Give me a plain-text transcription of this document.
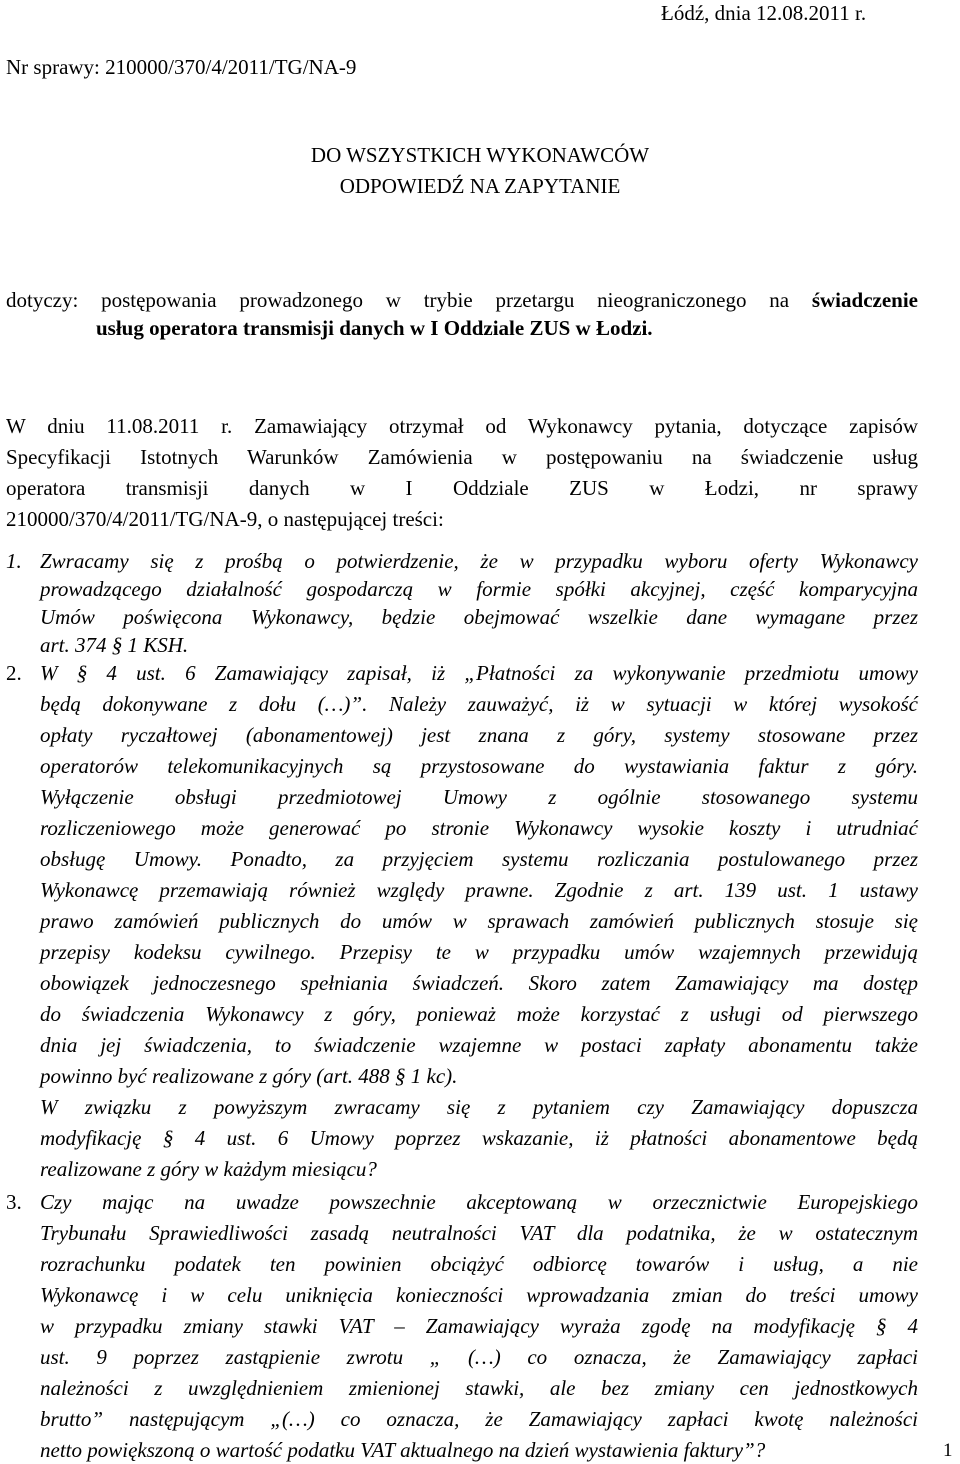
Łódź, dnia 12.08.2011 r.
Nr sprawy: 210000/370/4/2011/TG/NA-9
DO WSZYSTKICH WYKONAWCÓW
ODPOWIEDŹ NA ZAPYTANIE
dotyczy: postępowania prowadzonego w trybie przetargu nieograniczonego na świadczenie
usług operatora transmisji danych w I Oddziale ZUS w Łodzi.
W dniu 11.08.2011 r. Zamawiający otrzymał od Wykonawcy pytania, dotyczące zapisów
Specyfikacji Istotnych Warunków Zamówienia w postępowaniu na świadczenie usług
operatora transmisji danych w I Oddziale ZUS w Łodzi, nr sprawy
210000/370/4/2011/TG/NA-9, o następującej treści:
1. Zwracamy się z prośbą o potwierdzenie, że w przypadku wyboru oferty Wykonawcy
prowadzącego działalność gospodarczą w formie spółki akcyjnej, część komparycyjna
Umów poświęcona Wykonawcy, będzie obejmować wszelkie dane wymagane przez
art. 374 § 1 KSH.
2. W § 4 ust. 6 Zamawiający zapisał, iż „Płatności za wykonywanie przedmiotu umowy
będą dokonywane z dołu (…)”. Należy zauważyć, iż w sytuacji w której wysokość
opłaty ryczałtowej (abonamentowej) jest znana z góry, systemy stosowane przez
operatorów telekomunikacyjnych są przystosowane do wystawiania faktur z góry.
Wyłączenie obsługi przedmiotowej Umowy z ogólnie stosowanego systemu
rozliczeniowego może generować po stronie Wykonawcy wysokie koszty i utrudniać
obsługę Umowy. Ponadto, za przyjęciem systemu rozliczania postulowanego przez
Wykonawcę przemawiają również względy prawne. Zgodnie z art. 139 ust. 1 ustawy
prawo zamówień publicznych do umów w sprawach zamówień publicznych stosuje się
przepisy kodeksu cywilnego. Przepisy te w przypadku umów wzajemnych przewidują
obowiązek jednoczesnego spełniania świadczeń. Skoro zatem Zamawiający ma dostęp
do świadczenia Wykonawcy z góry, ponieważ może korzystać z usługi od pierwszego
dnia jej świadczenia, to świadczenie wzajemne w postaci zapłaty abonamentu także
powinno być realizowane z góry (art. 488 § 1 kc).
W związku z powyższym zwracamy się z pytaniem czy Zamawiający dopuszcza
modyfikację § 4 ust. 6 Umowy poprzez wskazanie, iż płatności abonamentowe będą
realizowane z góry w każdym miesiącu?
3. Czy mając na uwadze powszechnie akceptowaną w orzecznictwie Europejskiego
Trybunału Sprawiedliwości zasadą neutralności VAT dla podatnika, że w ostatecznym
rozrachunku podatek ten powinien obciążyć odbiorcę towarów i usług, a nie
Wykonawcę i w celu uniknięcia konieczności wprowadzania zmian do treści umowy
w przypadku zmiany stawki VAT – Zamawiający wyraża zgodę na modyfikację § 4
ust. 9 poprzez zastąpienie zwrotu „ (…) co oznacza, że Zamawiający zapłaci
należności z uwzględnieniem zmienionej stawki, ale bez zmiany cen jednostkowych
brutto” następującym „(…) co oznacza, że Zamawiający zapłaci kwotę należności
netto powiększoną o wartość podatku VAT aktualnego na dzień wystawienia faktury”?	1
